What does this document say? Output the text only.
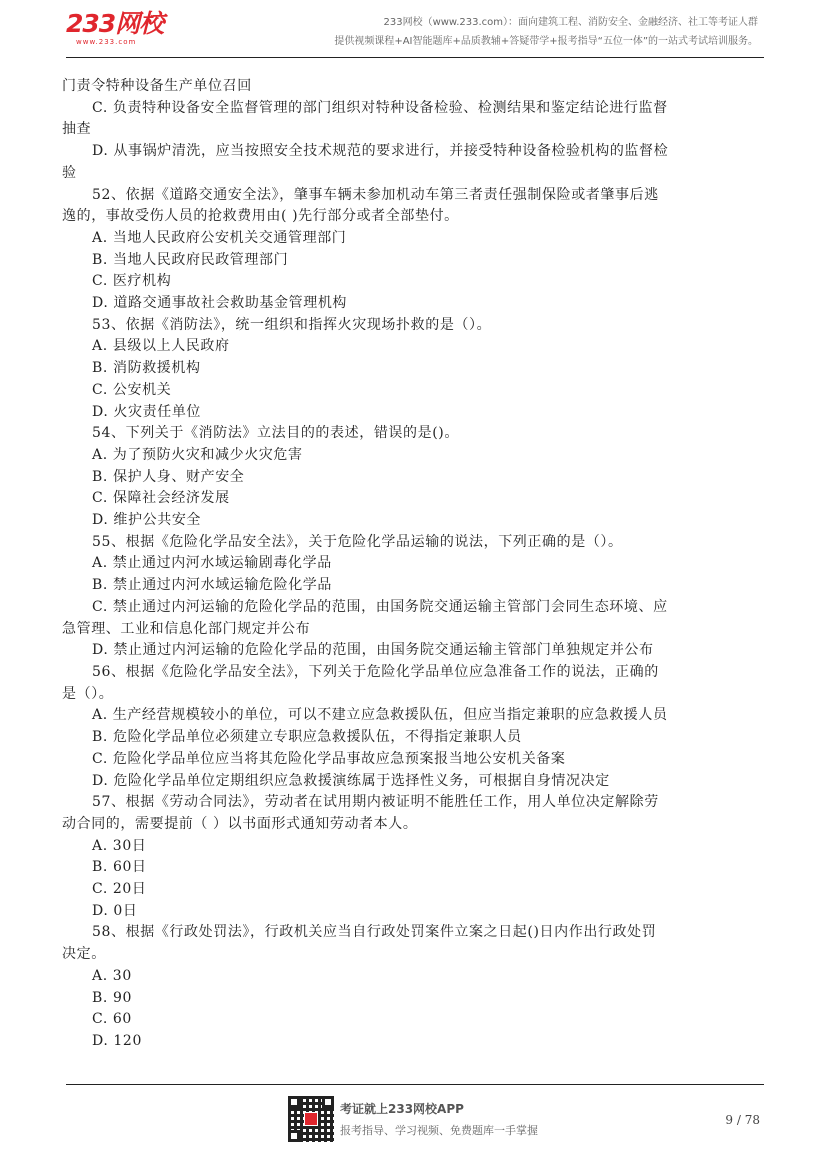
233网校
www.233.com
233网校（www.233.com）：面向建筑工程、消防安全、金融经济、社工等考证人群
提供视频课程+AI智能题库+品质教辅+答疑带学+报考指导“五位一体”的一站式考试培训服务。
门责令特种设备生产单位召回
C. 负责特种设备安全监督管理的部门组织对特种设备检验、检测结果和鉴定结论进行监督
抽查
D. 从事锅炉清洗，应当按照安全技术规范的要求进行，并接受特种设备检验机构的监督检
验
52、依据《道路交通安全法》，肇事车辆未参加机动车第三者责任强制保险或者肇事后逃
逸的，事故受伤人员的抢救费用由( )先行部分或者全部垫付。
A. 当地人民政府公安机关交通管理部门
B. 当地人民政府民政管理部门
C. 医疗机构
D. 道路交通事故社会救助基金管理机构
53、依据《消防法》，统一组织和指挥火灾现场扑救的是（）。
A. 县级以上人民政府
B. 消防救援机构
C. 公安机关
D. 火灾责任单位
54、下列关于《消防法》立法目的的表述，错误的是()。
A. 为了预防火灾和减少火灾危害
B. 保护人身、财产安全
C. 保障社会经济发展
D. 维护公共安全
55、根据《危险化学品安全法》，关于危险化学品运输的说法，下列正确的是（）。
A. 禁止通过内河水域运输剧毒化学品
B. 禁止通过内河水域运输危险化学品
C. 禁止通过内河运输的危险化学品的范围，由国务院交通运输主管部门会同生态环境、应
急管理、工业和信息化部门规定并公布
D. 禁止通过内河运输的危险化学品的范围，由国务院交通运输主管部门单独规定并公布
56、根据《危险化学品安全法》，下列关于危险化学品单位应急准备工作的说法，正确的
是（）。
A. 生产经营规模较小的单位，可以不建立应急救援队伍，但应当指定兼职的应急救援人员
B. 危险化学品单位必须建立专职应急救援队伍，不得指定兼职人员
C. 危险化学品单位应当将其危险化学品事故应急预案报当地公安机关备案
D. 危险化学品单位定期组织应急救援演练属于选择性义务，可根据自身情况决定
57、根据《劳动合同法》，劳动者在试用期内被证明不能胜任工作，用人单位决定解除劳
动合同的，需要提前（ ）以书面形式通知劳动者本人。
A. 30日
B. 60日
C. 20日
D. 0日
58、根据《行政处罚法》，行政机关应当自行政处罚案件立案之日起()日内作出行政处罚
决定。
A. 30
B. 90
C. 60
D. 120
考证就上233网校APP
报考指导、学习视频、免费题库一手掌握
9 / 78
